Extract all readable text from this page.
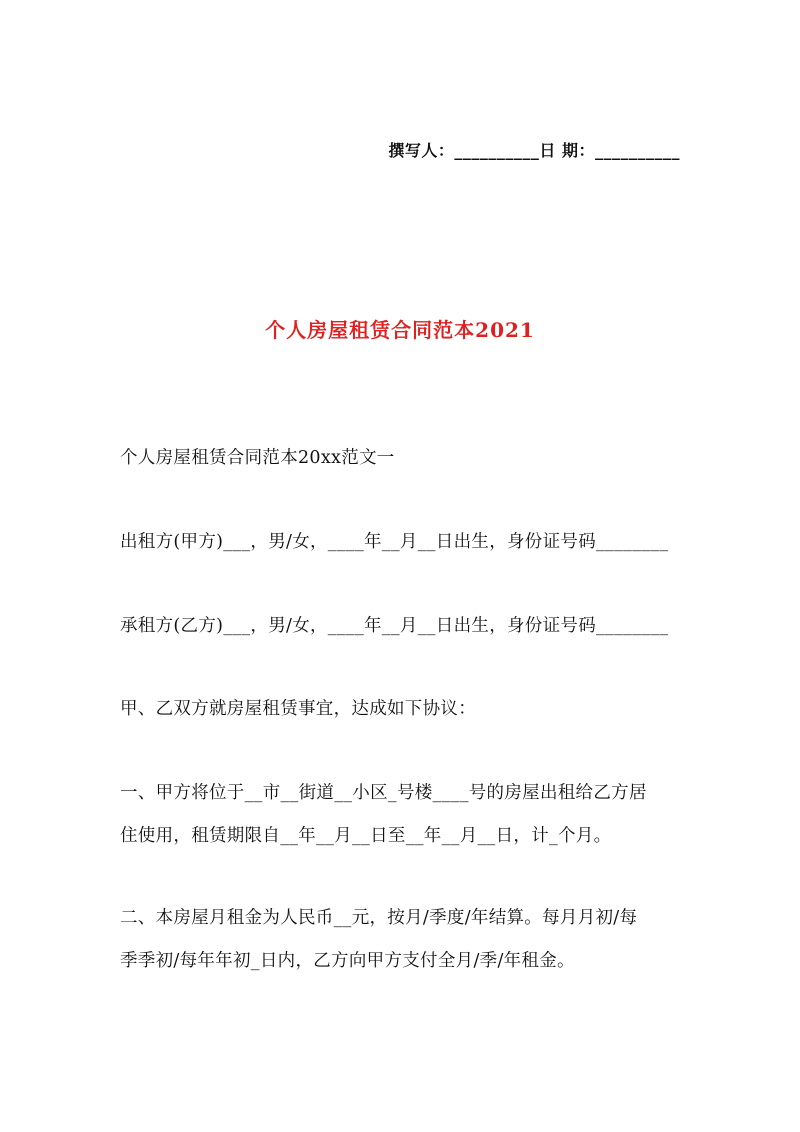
撰写人：__________日 期：__________
个人房屋租赁合同范本2021
个人房屋租赁合同范本20xx范文一
出租方(甲方)___，男/女，____年__月__日出生，身份证号码________
承租方(乙方)___，男/女，____年__月__日出生，身份证号码________
甲、乙双方就房屋租赁事宜，达成如下协议：
一、甲方将位于__市__街道__小区_号楼____号的房屋出租给乙方居
住使用，租赁期限自__年__月__日至__年__月__日，计_个月。
二、本房屋月租金为人民币__元，按月/季度/年结算。每月月初/每
季季初/每年年初_日内，乙方向甲方支付全月/季/年租金。
